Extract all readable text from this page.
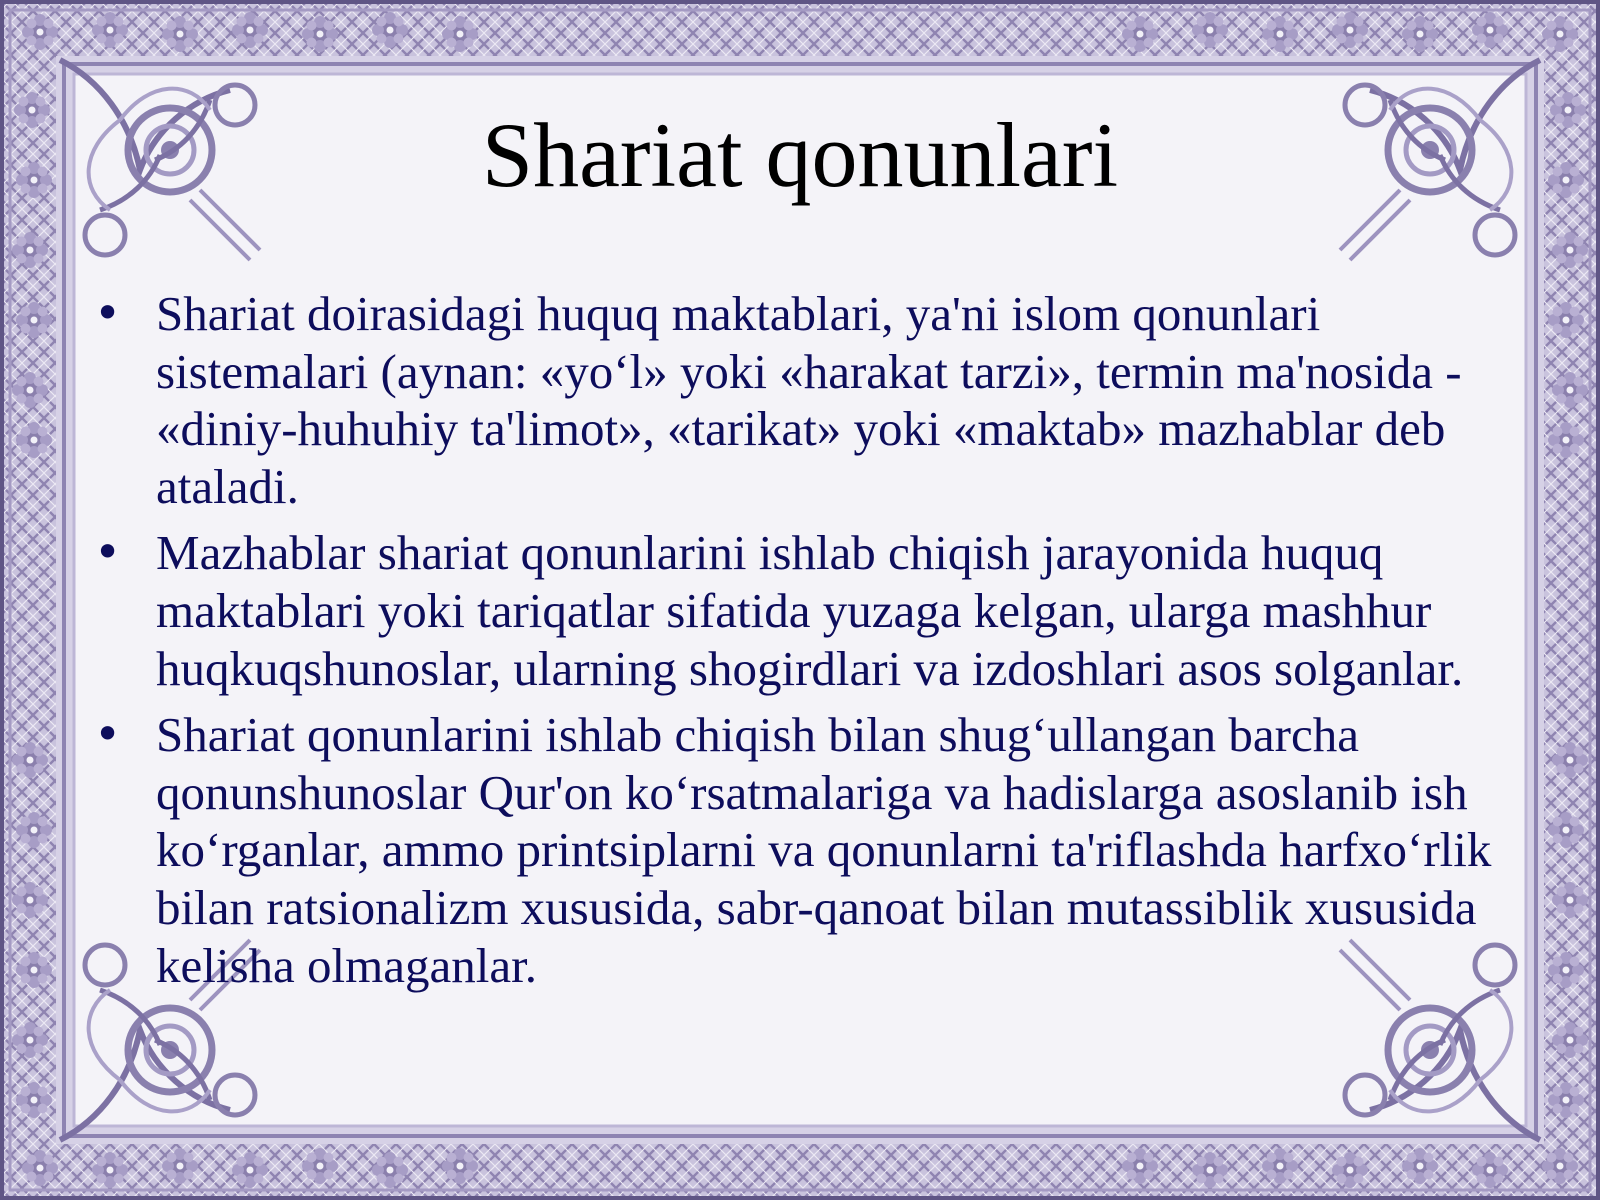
Shariat qonunlari
• Shariat doirasidagi huquq maktablari, ya'ni islom qonunlari sistemalari (aynan: «yo‘l» yoki «harakat tarzi», termin ma'nosida - «diniy-huhuhiy ta'limot», «tarikat» yoki «maktab» mazhablar deb ataladi.
• Mazhablar shariat qonunlarini ishlab chiqish jarayonida huquq maktablari yoki tariqatlar sifatida yuzaga kelgan, ularga mashhur huqkuqshunoslar, ularning shogirdlari va izdoshlari asos solganlar.
• Shariat qonunlarini ishlab chiqish bilan shug‘ullangan barcha qonunshunoslar Qur'on ko‘rsatmalariga va hadislarga asoslanib ish ko‘rganlar, ammo printsiplarni va qonunlarni ta'riflashda harfxo‘rlik bilan ratsionalizm xususida, sabr-qanoat bilan mutassiblik xususida kelisha olmaganlar.
